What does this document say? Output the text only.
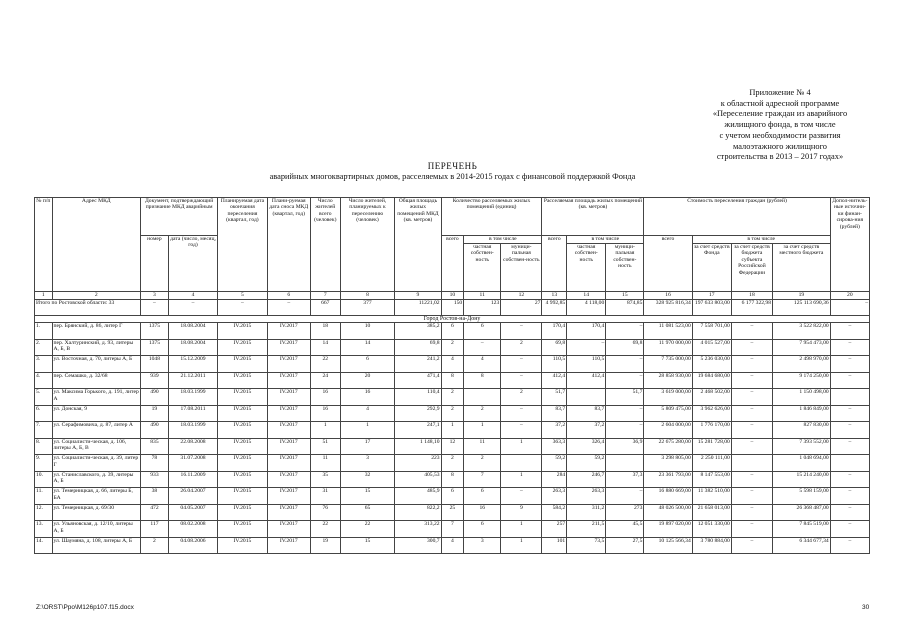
Приложение № 4
к областной адресной программе
«Переселение граждан из аварийного
жилищного фонда, в том числе
с учетом необходимости развития
малоэтажного жилищного
строительства в 2013 – 2017 годах»
ПЕРЕЧЕНЬ
аварийных многоквартирных домов, расселяемых в 2014-2015 годах с финансовой поддержкой Фонда
№ п/п	Адрес МКД	Документ, подтверждающий признание МКД аварийным		Планируемая дата окончания переселения (квартал, год)	Плани-руемая дата сноса МКД (квартал, год)	Число жителей всего (человек)	Число жителей, планируемых к переселению (человек)	Общая площадь жилых помещений МКД (кв. метров)	Количество расселяемых жилых помещений (единиц)			Расселяемая площадь жилых помещений (кв. метров)			Стоимость переселения граждан (рублей)				Допол-нитель-ные источни-ки финан-сирова-ния (рублей)
		номер	дата (число, месяц, год)						всего	в том числе		всего	в том числе		всего	в том числе			
										частная собствен-ность	муници-пальная собствен-ность		частная собствен-ность	муници-пальная собствен-ность		за счет средств Фонда	за счет средств бюджета субъекта Российской Федерации	за счет средств местного бюджета	
1	2	3	4	5	6	7	8	9	10	11	12	13	14	15	16	17	18	19	20
Итого по Ростовской области: 33		–	–	–	–	667	377	11221,02	150	123	27	4 992,85	4 118,00	874,85	328 925 816,34	197 633 803,00	6 177 322,98	125 113 690,36	–
Город Ростов-на-Дону																			
1.	пер. Брянский, д. 86, литер Г	1375	18.08.2004	IV.2015	IV.2017	18	10	385,2	6	6	–	170,4	170,4	–	11 081 523,00	7 558 701,00	–	3 522 822,00	–
2.	пер. Халтуринский, д. 93, литеры А, Б, В	1375	18.08.2004	IV.2015	IV.2017	14	14	69,8	2	–	2	69,8	–	69,8	11 970 000,00	4 015 527,00	–	7 954 473,00	–
3.	ул. Восточная, д. 70, литеры А, Б	1048	15.12.2009	IV.2015	IV.2017	22	6	241,2	4	4	–	110,5	110,5	–	7 735 000,00	5 236 030,00	–	2 498 970,00	–
4.	пер. Семашко, д. 32/68	939	21.12.2011	IV.2015	IV.2017	24	20	471,4	8	8	–	412,4	412,4	–	28 858 930,00	19 684 680,00	–	9 174 250,00	–
5.	ул. Максима Горького, д. 191, литер А	490	18.03.1999	IV.2015	IV.2017	16	16	110,4	2		2	51,7		51,7	3 619 000,00	2 468 502,00	–	1 150 498,00	
6.	ул. Донская, 9	19	17.08.2011	IV.2015	IV.2017	16	4	292,9	2	2	–	83,7	83,7	–	5 809 475,00	3 962 626,00	–	1 846 849,00	–
7.	ул. Серафимовича, д. 87, литер А	490	18.03.1999	IV.2015	IV.2017	1	1	247,1	1	1	–	37,2	37,2	–	2 604 000,00	1 776 170,00	–	827 830,00	–
8.	ул. Социалисти-ческая, д. 106, литеры А, Б, В	835	22.08.2008	IV.2015	IV.2017	51	17	1 148,10	12	11	1	363,3	326,4	36,9	22 675 280,00	15 281 728,00	–	7 393 552,00	–
9.	ул. Социалисти-ческая, д. 39, литер Г	78	31.07.2008	IV.2015	IV.2017	11	3	223	2	2		59,2	59,2		3 298 805,00	2 250 111,00		1 048 694,00	
10.	ул. Станиславского, д. 39, литеры А, Б	933	16.11.2009	IV.2015	IV.2017	35	32	405,53	8	7	1	284	246,7	37,3	23 361 793,00	8 147 553,00	–	15 214 240,00	–
11.	ул. Темерницкая, д. 66, литеры Б, БА	38	26.04.2007	IV.2015	IV.2017	31	15	485,9	6	6	–	263,3	263,3	–	16 880 669,00	11 382 510,00	–	5 598 159,00	–
12.	ул. Темерницкая, д. 69/30	472	04.05.2007	IV.2015	IV.2017	76	65	822,2	25	16	9	584,2	311,2	273	48 026 500,00	21 658 013,00	–	26 368 487,00	–
13.	ул. Ульяновская, д. 12/10, литеры А, Б	117	08.02.2008	IV.2015	IV.2017	22	22	313,22	7	6	1	257	211,5	45,5	19 897 020,00	12 051 330,00	–	7 845 519,00	–
14.	ул. Шаумяна, д. 108, литеры А, Б	2	04.08.2006	IV.2015	IV.2017	19	15	300,7	4	3	1	101	73,5	27,5	10 125 566,34	3 780 884,00	–	6 344 677,34	–
Z:\ORST\Ppo\M126p107.f15.docx	30
